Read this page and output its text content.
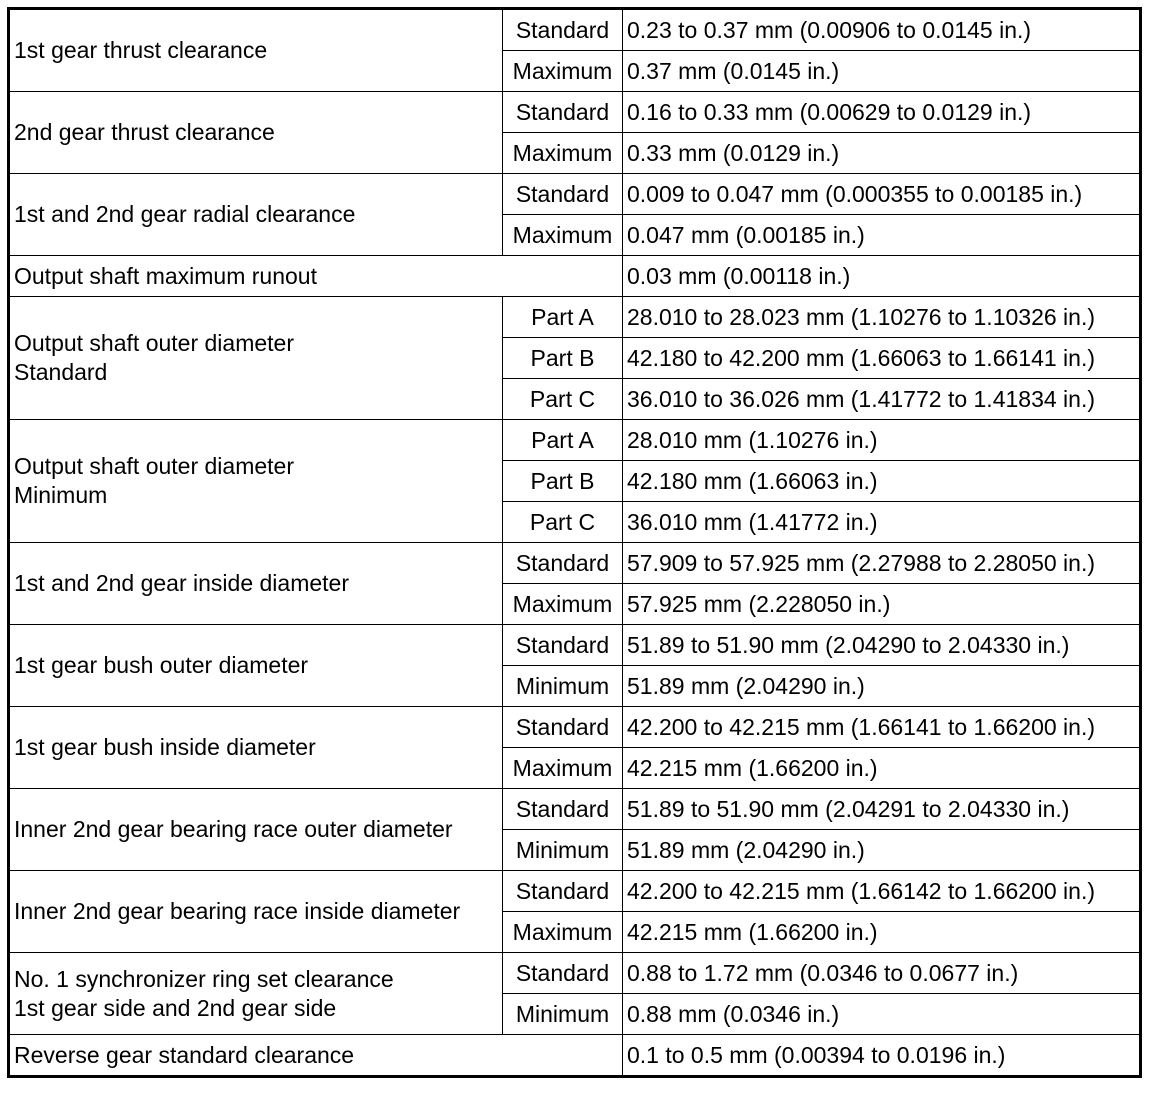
1st gear thrust clearance	Standard	0.23 to 0.37 mm (0.00906 to 0.0145 in.)
	Maximum	0.37 mm (0.0145 in.)

2nd gear thrust clearance	Standard	0.16 to 0.33 mm (0.00629 to 0.0129 in.)
	Maximum	0.33 mm (0.0129 in.)

1st and 2nd gear radial clearance	Standard	0.009 to 0.047 mm (0.000355 to 0.00185 in.)
	Maximum	0.047 mm (0.00185 in.)

Output shaft maximum runout		0.03 mm (0.00118 in.)

Output shaft outer diameter
Standard	Part A	28.010 to 28.023 mm (1.10276 to 1.10326 in.)
	Part B	42.180 to 42.200 mm (1.66063 to 1.66141 in.)
	Part C	36.010 to 36.026 mm (1.41772 to 1.41834 in.)

Output shaft outer diameter
Minimum	Part A	28.010 mm (1.10276 in.)
	Part B	42.180 mm (1.66063 in.)
	Part C	36.010 mm (1.41772 in.)

1st and 2nd gear inside diameter	Standard	57.909 to 57.925 mm (2.27988 to 2.28050 in.)
	Maximum	57.925 mm (2.228050 in.)

1st gear bush outer diameter	Standard	51.89 to 51.90 mm (2.04290 to 2.04330 in.)
	Minimum	51.89 mm (2.04290 in.)

1st gear bush inside diameter	Standard	42.200 to 42.215 mm (1.66141 to 1.66200 in.)
	Maximum	42.215 mm (1.66200 in.)

Inner 2nd gear bearing race outer diameter	Standard	51.89 to 51.90 mm (2.04291 to 2.04330 in.)
	Minimum	51.89 mm (2.04290 in.)

Inner 2nd gear bearing race inside diameter	Standard	42.200 to 42.215 mm (1.66142 to 1.66200 in.)
	Maximum	42.215 mm (1.66200 in.)

No. 1 synchronizer ring set clearance
1st gear side and 2nd gear side	Standard	0.88 to 1.72 mm (0.0346 to 0.0677 in.)
	Minimum	0.88 mm (0.0346 in.)

Reverse gear standard clearance		0.1 to 0.5 mm (0.00394 to 0.0196 in.)
